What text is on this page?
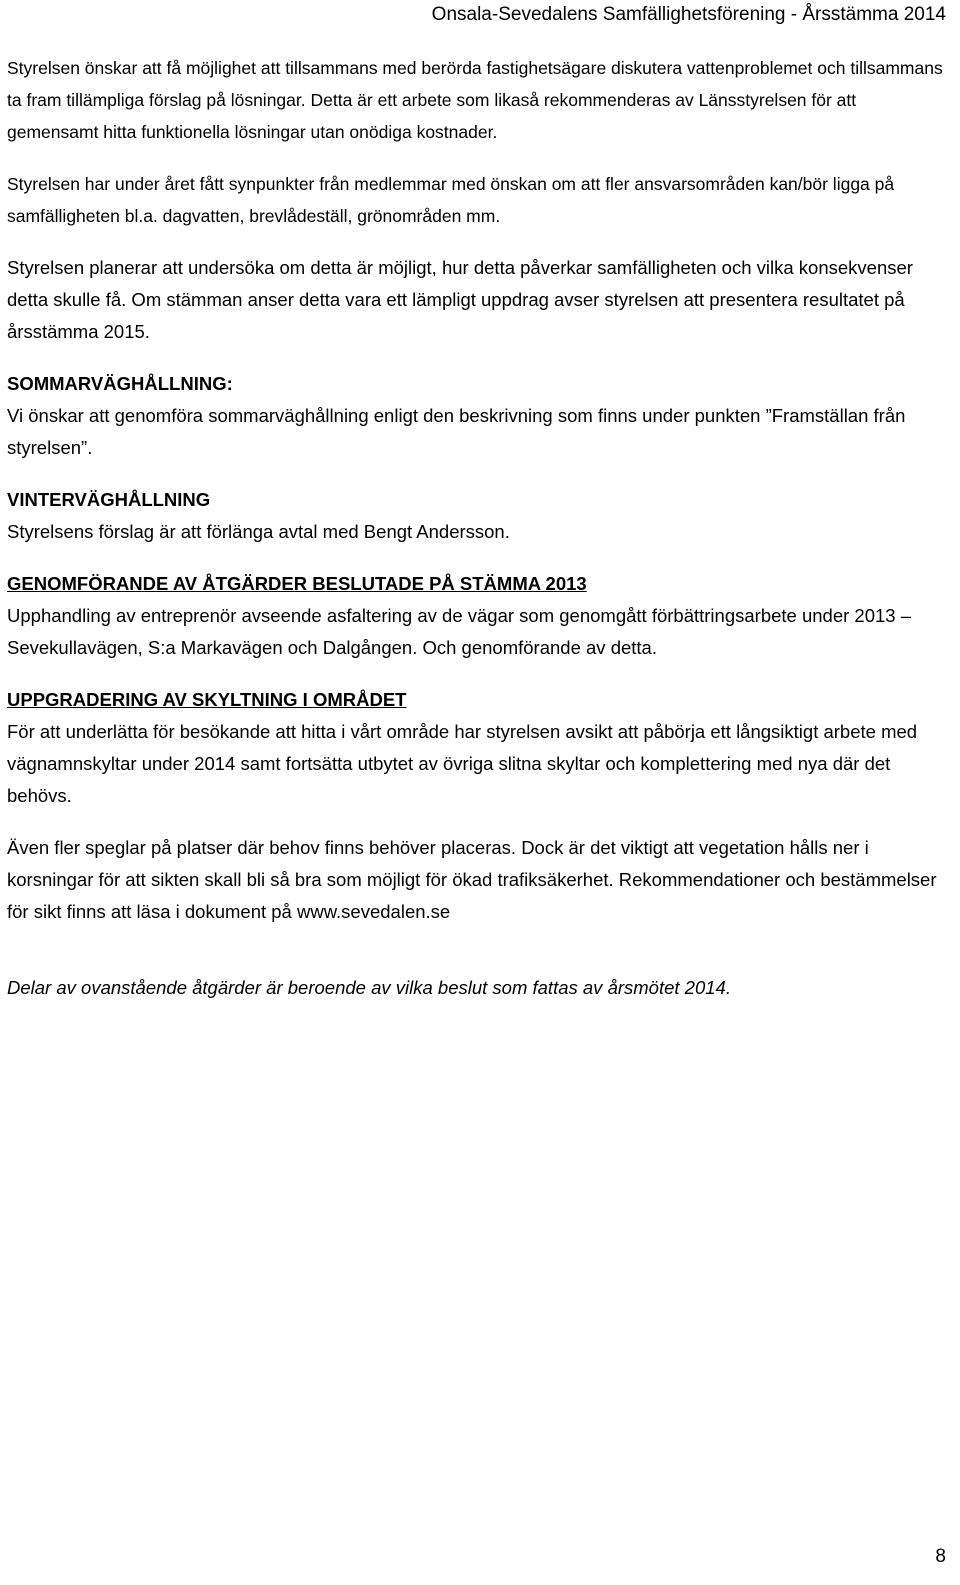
Onsala-Sevedalens Samfällighetsförening - Årsstämma 2014

Styrelsen önskar att få möjlighet att tillsammans med berörda fastighetsägare diskutera vattenproblemet och tillsammans ta fram tillämpliga förslag på lösningar. Detta är ett arbete som likaså rekommenderas av Länsstyrelsen för att gemensamt hitta funktionella lösningar utan onödiga kostnader.

Styrelsen har under året fått synpunkter från medlemmar med önskan om att fler ansvarsområden kan/bör ligga på samfälligheten bl.a. dagvatten, brevlådeställ, grönområden mm.

Styrelsen planerar att undersöka om detta är möjligt, hur detta påverkar samfälligheten och vilka konsekvenser detta skulle få. Om stämman anser detta vara ett lämpligt uppdrag avser styrelsen att presentera resultatet på årsstämma 2015.

SOMMARVÄGHÅLLNING:

Vi önskar att genomföra sommarväghållning enligt den beskrivning som finns under punkten ”Framställan från styrelsen”.

VINTERVÄGHÅLLNING

Styrelsens förslag är att förlänga avtal med Bengt Andersson.

GENOMFÖRANDE AV ÅTGÄRDER BESLUTADE PÅ STÄMMA 2013

Upphandling av entreprenör avseende asfaltering av de vägar som genomgått förbättringsarbete under 2013 – Sevekullavägen, S:a Markavägen och Dalgången. Och genomförande av detta.

UPPGRADERING AV SKYLTNING I OMRÅDET

För att underlätta för besökande att hitta i vårt område har styrelsen avsikt att påbörja ett långsiktigt arbete med vägnamnskyltar under 2014 samt fortsätta utbytet av övriga slitna skyltar och komplettering med nya där det behövs.

Även fler speglar på platser där behov finns behöver placeras. Dock är det viktigt att vegetation hålls ner i korsningar för att sikten skall bli så bra som möjligt för ökad trafiksäkerhet. Rekommendationer och bestämmelser för sikt finns att läsa i dokument på www.sevedalen.se

Delar av ovanstående åtgärder är beroende av vilka beslut som fattas av årsmötet 2014.

8
